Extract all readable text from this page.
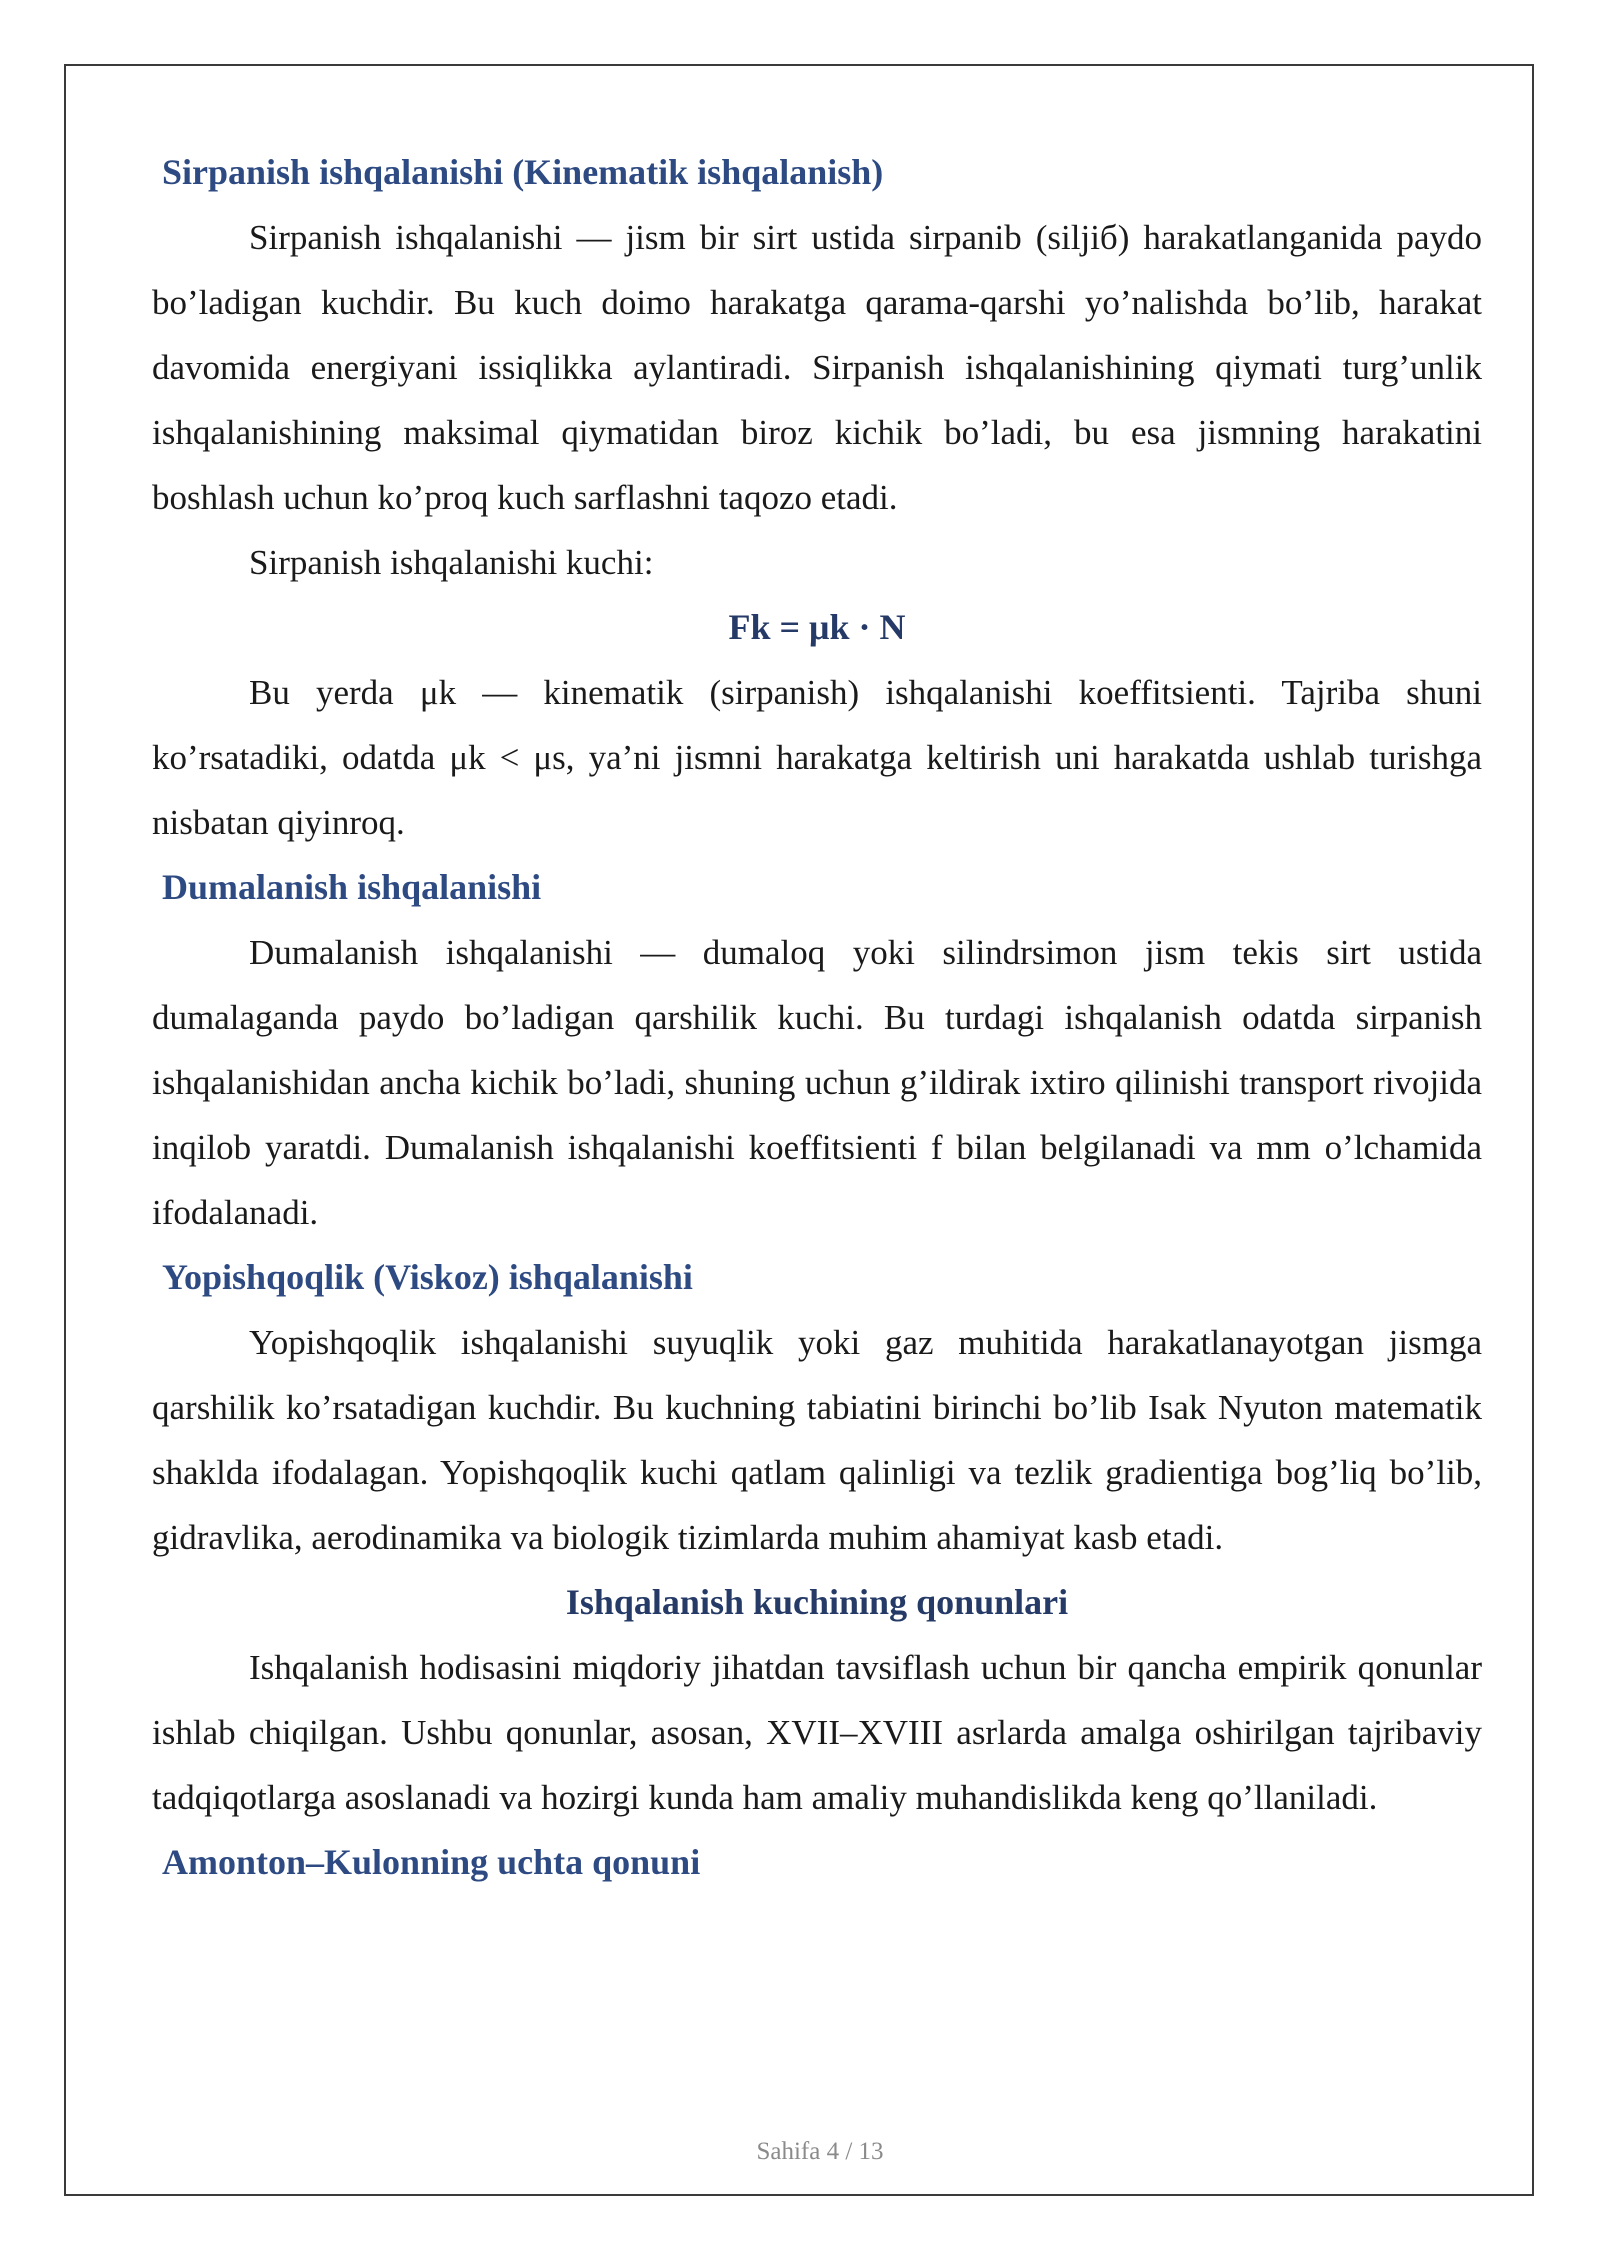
Sirpanish ishqalanishi (Kinematik ishqalanish)

Sirpanish ishqalanishi — jism bir sirt ustida sirpanib (siljiб) harakatlanganida paydo bo’ladigan kuchdir. Bu kuch doimo harakatga qarama-qarshi yo’nalishda bo’lib, harakat davomida energiyani issiqlikka aylantiradi. Sirpanish ishqalanishining qiymati turg’unlik ishqalanishining maksimal qiymatidan biroz kichik bo’ladi, bu esa jismning harakatini boshlash uchun ko’proq kuch sarflashni taqozo etadi.

Sirpanish ishqalanishi kuchi:

Fk = μk · N

Bu yerda μk — kinematik (sirpanish) ishqalanishi koeffitsienti. Tajriba shuni ko’rsatadiki, odatda μk < μs, ya’ni jismni harakatga keltirish uni harakatda ushlab turishga nisbatan qiyinroq.

Dumalanish ishqalanishi

Dumalanish ishqalanishi — dumaloq yoki silindrsimon jism tekis sirt ustida dumalaganda paydo bo’ladigan qarshilik kuchi. Bu turdagi ishqalanish odatda sirpanish ishqalanishidan ancha kichik bo’ladi, shuning uchun g’ildirak ixtiro qilinishi transport rivojida inqilob yaratdi. Dumalanish ishqalanishi koeffitsienti f bilan belgilanadi va mm o’lchamida ifodalanadi.

Yopishqoqlik (Viskoz) ishqalanishi

Yopishqoqlik ishqalanishi suyuqlik yoki gaz muhitida harakatlanayotgan jismga qarshilik ko’rsatadigan kuchdir. Bu kuchning tabiatini birinchi bo’lib Isak Nyuton matematik shaklda ifodalagan. Yopishqoqlik kuchi qatlam qalinligi va tezlik gradientiga bog’liq bo’lib, gidravlika, aerodinamika va biologik tizimlarda muhim ahamiyat kasb etadi.

Ishqalanish kuchining qonunlari

Ishqalanish hodisasini miqdoriy jihatdan tavsiflash uchun bir qancha empirik qonunlar ishlab chiqilgan. Ushbu qonunlar, asosan, XVII–XVIII asrlarda amalga oshirilgan tajribaviy tadqiqotlarga asoslanadi va hozirgi kunda ham amaliy muhandislikda keng qo’llaniladi.

Amonton–Kulonning uchta qonuni
Sahifa 4 / 13
